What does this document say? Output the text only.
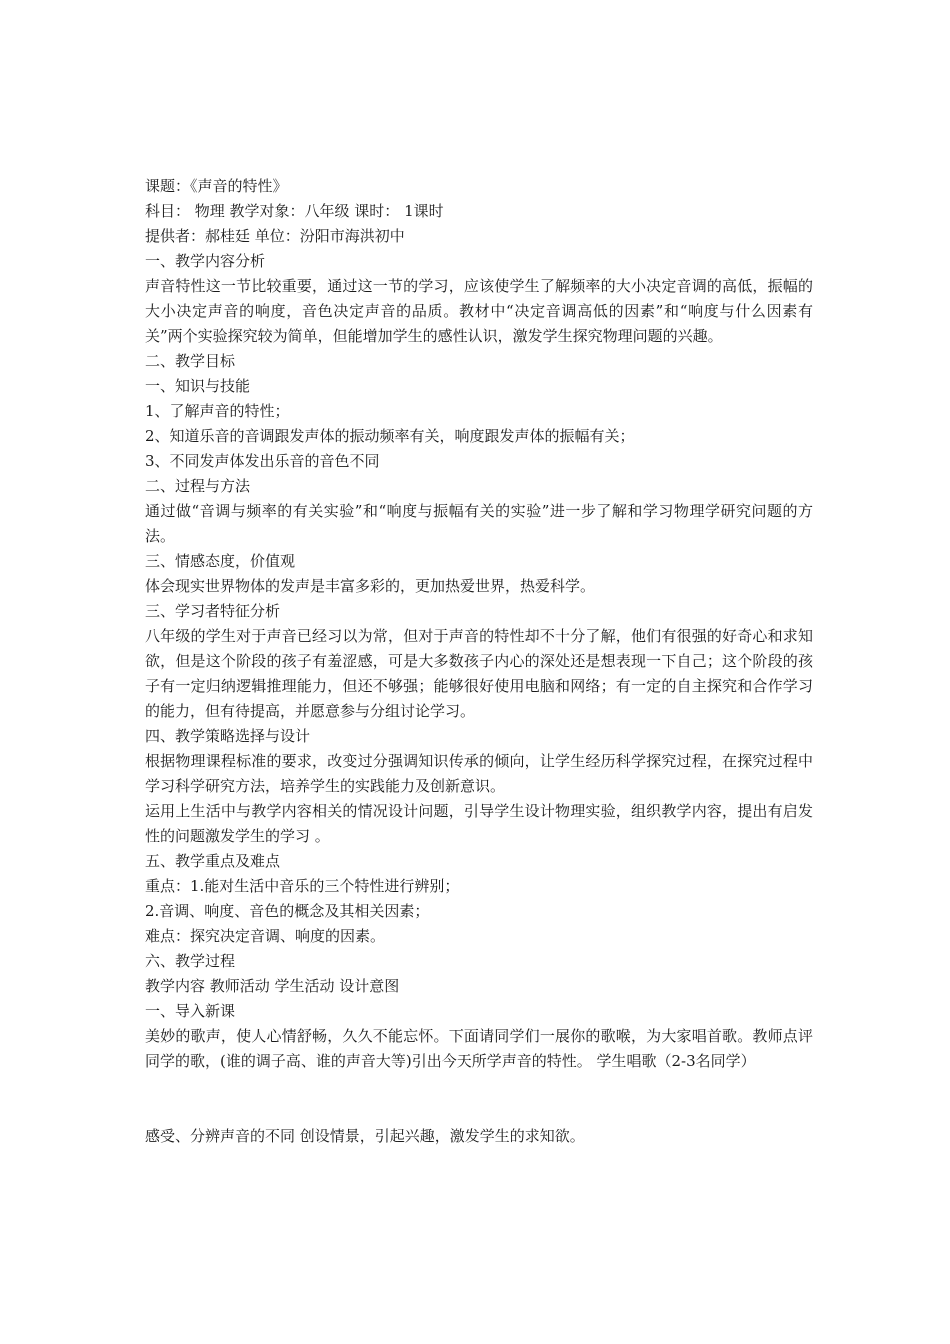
课题：《声音的特性》
科目： 物理 教学对象：八年级 课时： 1课时
提供者：郝桂廷 单位：汾阳市海洪初中
一、教学内容分析
声音特性这一节比较重要，通过这一节的学习，应该使学生了解频率的大小决定音调的高低，振幅的大小决定声音的响度，音色决定声音的品质。教材中“决定音调高低的因素”和“响度与什么因素有关”两个实验探究较为简单，但能增加学生的感性认识，激发学生探究物理问题的兴趣。
二、教学目标
一、知识与技能
1、了解声音的特性；
2、知道乐音的音调跟发声体的振动频率有关，响度跟发声体的振幅有关；
3、不同发声体发出乐音的音色不同
二、过程与方法
通过做“音调与频率的有关实验”和“响度与振幅有关的实验”进一步了解和学习物理学研究问题的方法。
三、情感态度，价值观
体会现实世界物体的发声是丰富多彩的，更加热爱世界，热爱科学。
三、学习者特征分析
八年级的学生对于声音已经习以为常，但对于声音的特性却不十分了解，他们有很强的好奇心和求知欲，但是这个阶段的孩子有羞涩感，可是大多数孩子内心的深处还是想表现一下自己；这个阶段的孩子有一定归纳逻辑推理能力，但还不够强；能够很好使用电脑和网络；有一定的自主探究和合作学习的能力，但有待提高，并愿意参与分组讨论学习。
四、教学策略选择与设计
根据物理课程标准的要求，改变过分强调知识传承的倾向，让学生经历科学探究过程，在探究过程中学习科学研究方法，培养学生的实践能力及创新意识。
运用上生活中与教学内容相关的情况设计问题，引导学生设计物理实验，组织教学内容，提出有启发性的问题激发学生的学习 。
五、教学重点及难点
重点：1.能对生活中音乐的三个特性进行辨别；
2.音调、响度、音色的概念及其相关因素；
难点：探究决定音调、响度的因素。
六、教学过程
教学内容 教师活动 学生活动 设计意图
一、导入新课
美妙的歌声，使人心情舒畅，久久不能忘怀。下面请同学们一展你的歌喉，为大家唱首歌。教师点评同学的歌，(谁的调子高、谁的声音大等)引出今天所学声音的特性。 学生唱歌（2-3名同学）
感受、分辨声音的不同 创设情景，引起兴趣，激发学生的求知欲。
